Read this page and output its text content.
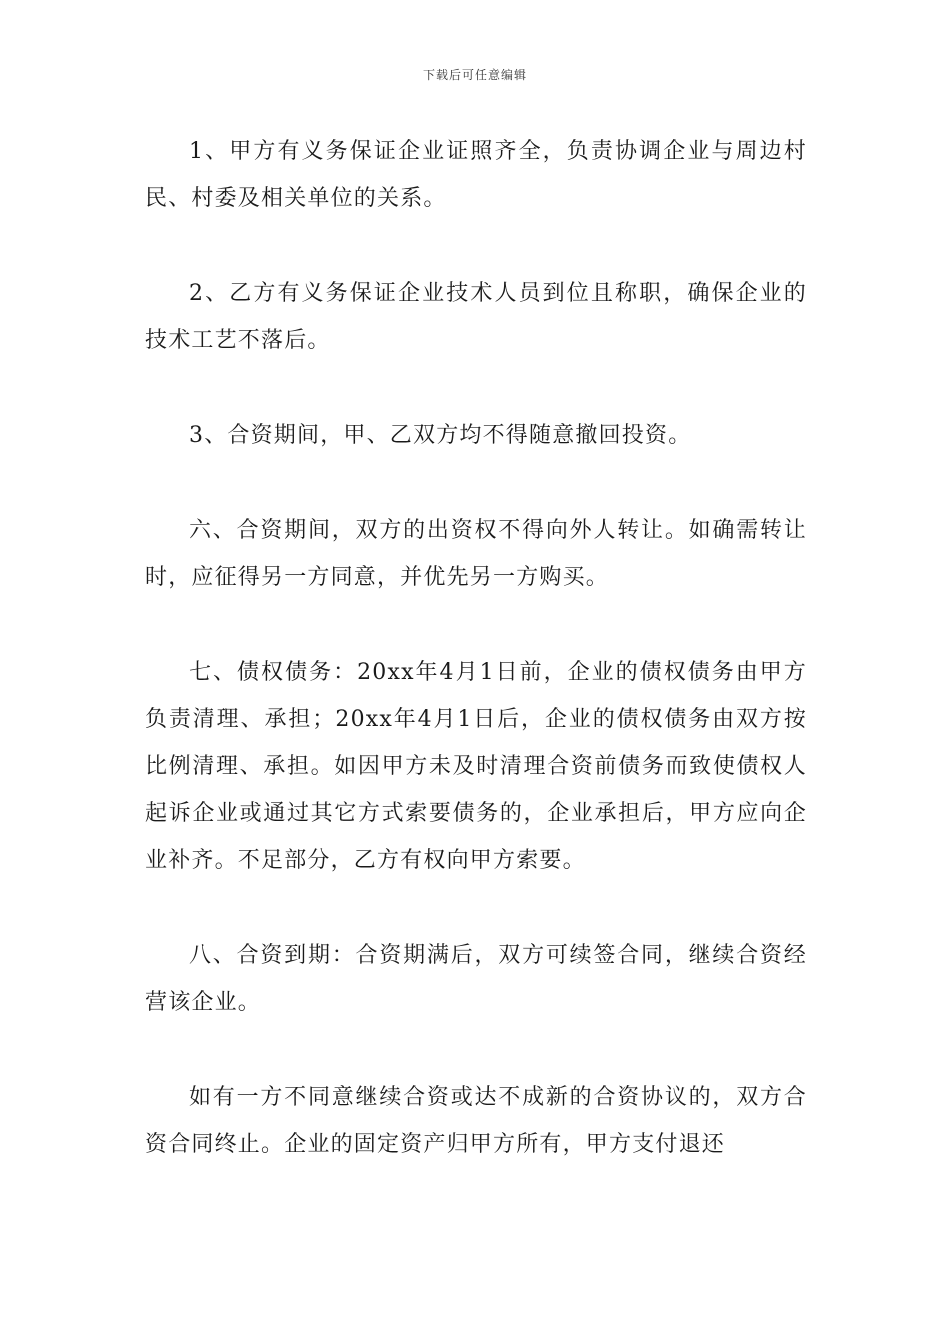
下载后可任意编辑

1、甲方有义务保证企业证照齐全，负责协调企业与周边村民、村委及相关单位的关系。

2、乙方有义务保证企业技术人员到位且称职，确保企业的技术工艺不落后。

3、合资期间，甲、乙双方均不得随意撤回投资。

六、合资期间，双方的出资权不得向外人转让。如确需转让时，应征得另一方同意，并优先另一方购买。

七、债权债务：20xx年4月1日前，企业的债权债务由甲方负责清理、承担；20xx年4月1日后，企业的债权债务由双方按比例清理、承担。如因甲方未及时清理合资前债务而致使债权人起诉企业或通过其它方式索要债务的，企业承担后，甲方应向企业补齐。不足部分，乙方有权向甲方索要。

八、合资到期：合资期满后，双方可续签合同，继续合资经营该企业。

如有一方不同意继续合资或达不成新的合资协议的，双方合资合同终止。企业的固定资产归甲方所有，甲方支付退还
